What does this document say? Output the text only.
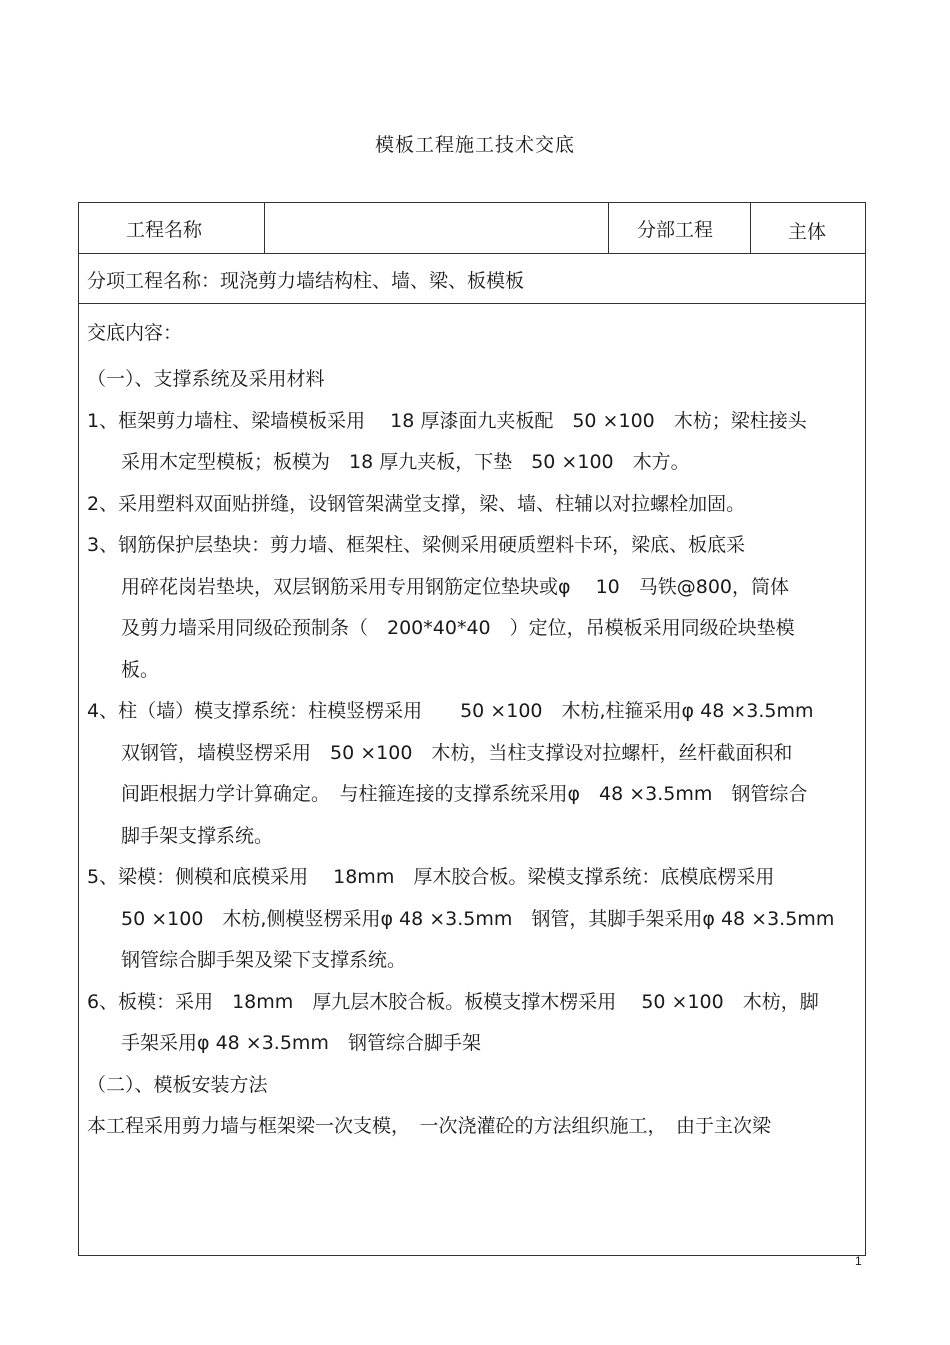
模板工程施工技术交底
工程名称	分部工程	主体
分项工程名称：现浇剪力墙结构柱、墙、梁、板模板
交底内容：
（一）、支撑系统及采用材料
1、框架剪力墙柱、梁墙模板采用　 18 厚漆面九夹板配　50 ×100　木枋；梁柱接头
采用木定型模板；板模为　18 厚九夹板，下垫　50 ×100　木方。
2、采用塑料双面贴拼缝，设钢管架满堂支撑，梁、墙、柱辅以对拉螺栓加固。
3、钢筋保护层垫块：剪力墙、框架柱、梁侧采用硬质塑料卡环，梁底、板底采
用碎花岗岩垫块，双层钢筋采用专用钢筋定位垫块或φ　 10　马铁@800，筒体
及剪力墙采用同级砼预制条（　200*40*40　）定位，吊模板采用同级砼块垫模
板。
4、柱（墙）模支撑系统：柱模竖楞采用　　50 ×100　木枋,柱箍采用φ 48 ×3.5mm
双钢管，墙模竖楞采用　50 ×100　木枋，当柱支撑设对拉螺杆，丝杆截面积和
间距根据力学计算确定。　与柱箍连接的支撑系统采用φ　48 ×3.5mm　钢管综合
脚手架支撑系统。
5、梁模：侧模和底模采用　 18mm　厚木胶合板。梁模支撑系统：底模底楞采用
50 ×100　木枋,侧模竖楞采用φ 48 ×3.5mm　钢管，其脚手架采用φ 48 ×3.5mm
钢管综合脚手架及梁下支撑系统。
6、板模：采用　18mm　厚九层木胶合板。板模支撑木楞采用　 50 ×100　木枋，脚
手架采用φ 48 ×3.5mm　钢管综合脚手架
（二）、模板安装方法
本工程采用剪力墙与框架梁一次支模，　一次浇灌砼的方法组织施工，　由于主次梁
1
